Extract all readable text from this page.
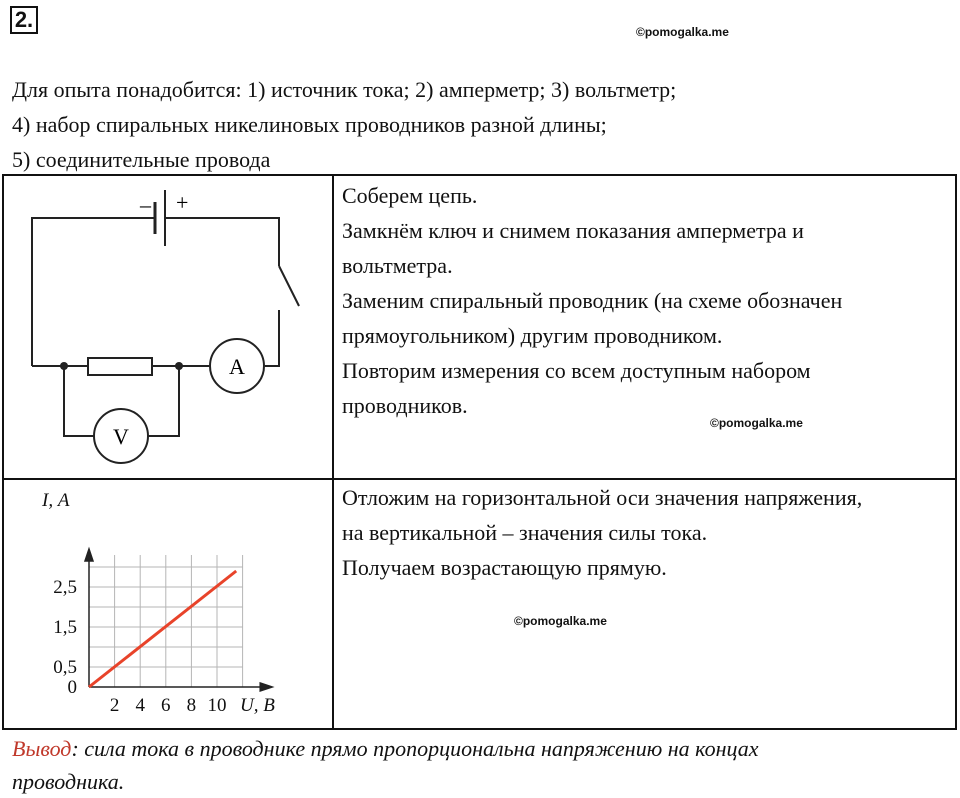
2.	©pomogalka.me
Для опыта понадобится: 1) источник тока; 2) амперметр; 3) вольтметр;
4) набор спиральных никелиновых проводников разной длины;
5) соединительные провода
– +
A
V
Соберем цепь.
Замкнём ключ и снимем показания амперметра и
вольтметра.
Заменим спиральный проводник (на схеме обозначен
прямоугольником) другим проводником.
Повторим измерения со всем доступным набором
проводников.
©pomogalka.me
2 4 6 8 10
0,5
1,5
2,5
0
I, А
U, В
Отложим на горизонтальной оси значения напряжения,
на вертикальной – значения силы тока.
Получаем возрастающую прямую.
©pomogalka.me
Вывод: сила тока в проводнике прямо пропорциональна напряжению на концах
проводника.
